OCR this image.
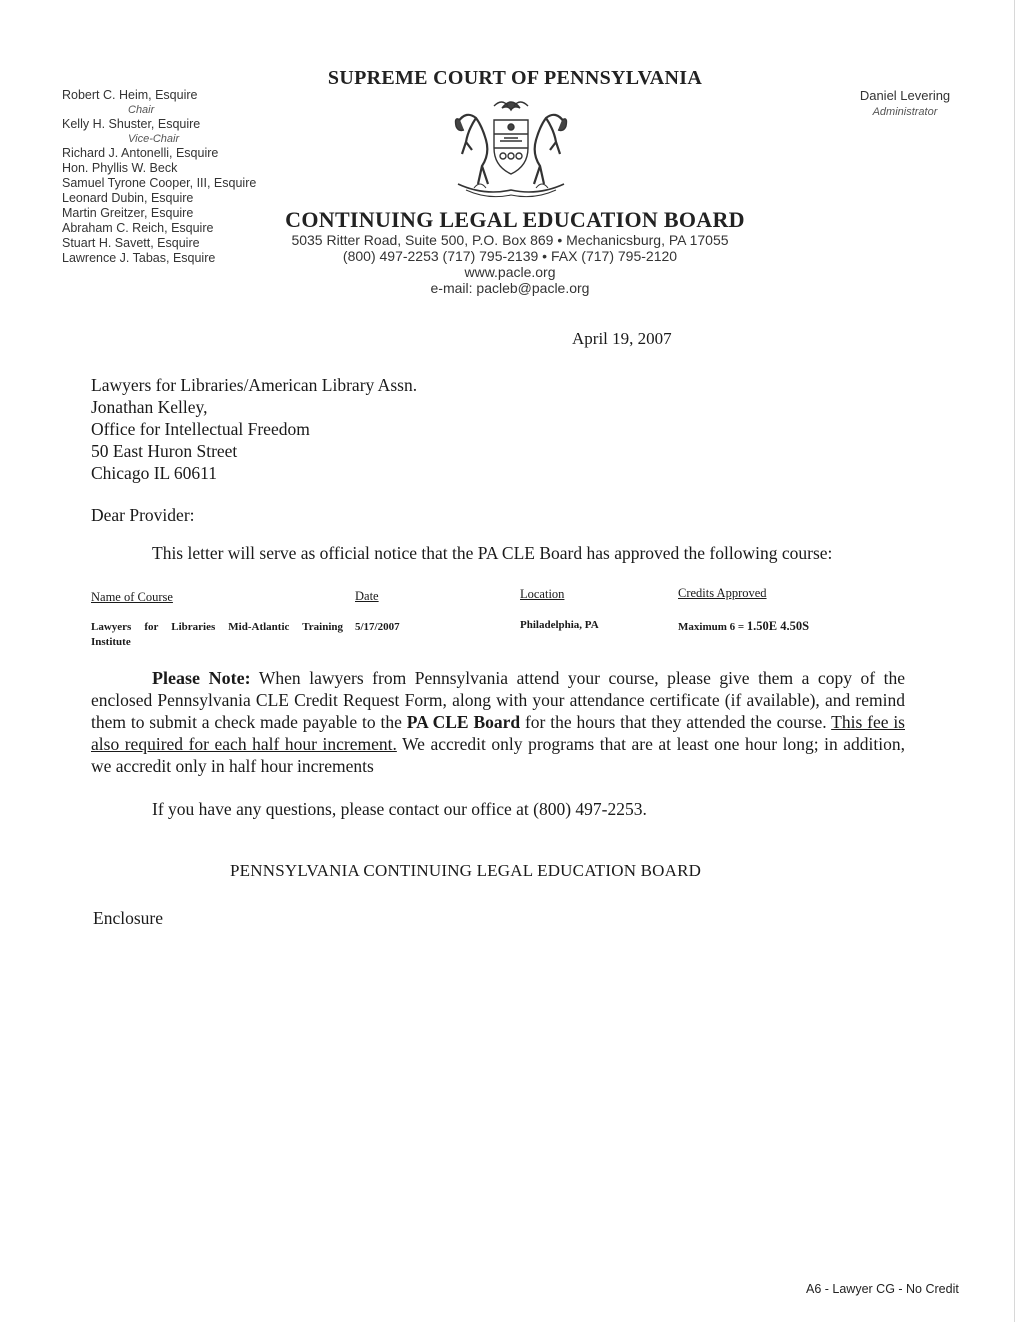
Robert C. Heim, Esquire
Chair
Kelly H. Shuster, Esquire
Vice-Chair
Richard J. Antonelli, Esquire
Hon. Phyllis W. Beck
Samuel Tyrone Cooper, III, Esquire
Leonard Dubin, Esquire
Martin Greitzer, Esquire
Abraham C. Reich, Esquire
Stuart H. Savett, Esquire
Lawrence J. Tabas, Esquire
Daniel Levering
Administrator
SUPREME COURT OF PENNSYLVANIA
CONTINUING LEGAL EDUCATION BOARD
5035 Ritter Road, Suite 500, P.O. Box 869 • Mechanicsburg, PA 17055
(800) 497-2253 (717) 795-2139 • FAX (717) 795-2120
www.pacle.org
e-mail: pacleb@pacle.org
April 19, 2007
Lawyers for Libraries/American Library Assn.
Jonathan Kelley,
Office for Intellectual Freedom
50 East Huron Street
Chicago IL 60611
Dear Provider:
This letter will serve as official notice that the PA CLE Board has approved the following course:
Name of Course	Date	Location	Credits Approved
Lawyers for Libraries Mid-Atlantic Training
Institute
5/17/2007	Philadelphia, PA	Maximum 6 = 1.50E 4.50S
Please Note: When lawyers from Pennsylvania attend your course, please give them a copy of the enclosed Pennsylvania CLE Credit Request Form, along with your attendance certificate (if available), and remind them to submit a check made payable to the PA CLE Board for the hours that they attended the course. This fee is also required for each half hour increment. We accredit only programs that are at least one hour long; in addition, we accredit only in half hour increments
If you have any questions, please contact our office at (800) 497-2253.
PENNSYLVANIA CONTINUING LEGAL EDUCATION BOARD
Enclosure
A6 - Lawyer CG - No Credit
